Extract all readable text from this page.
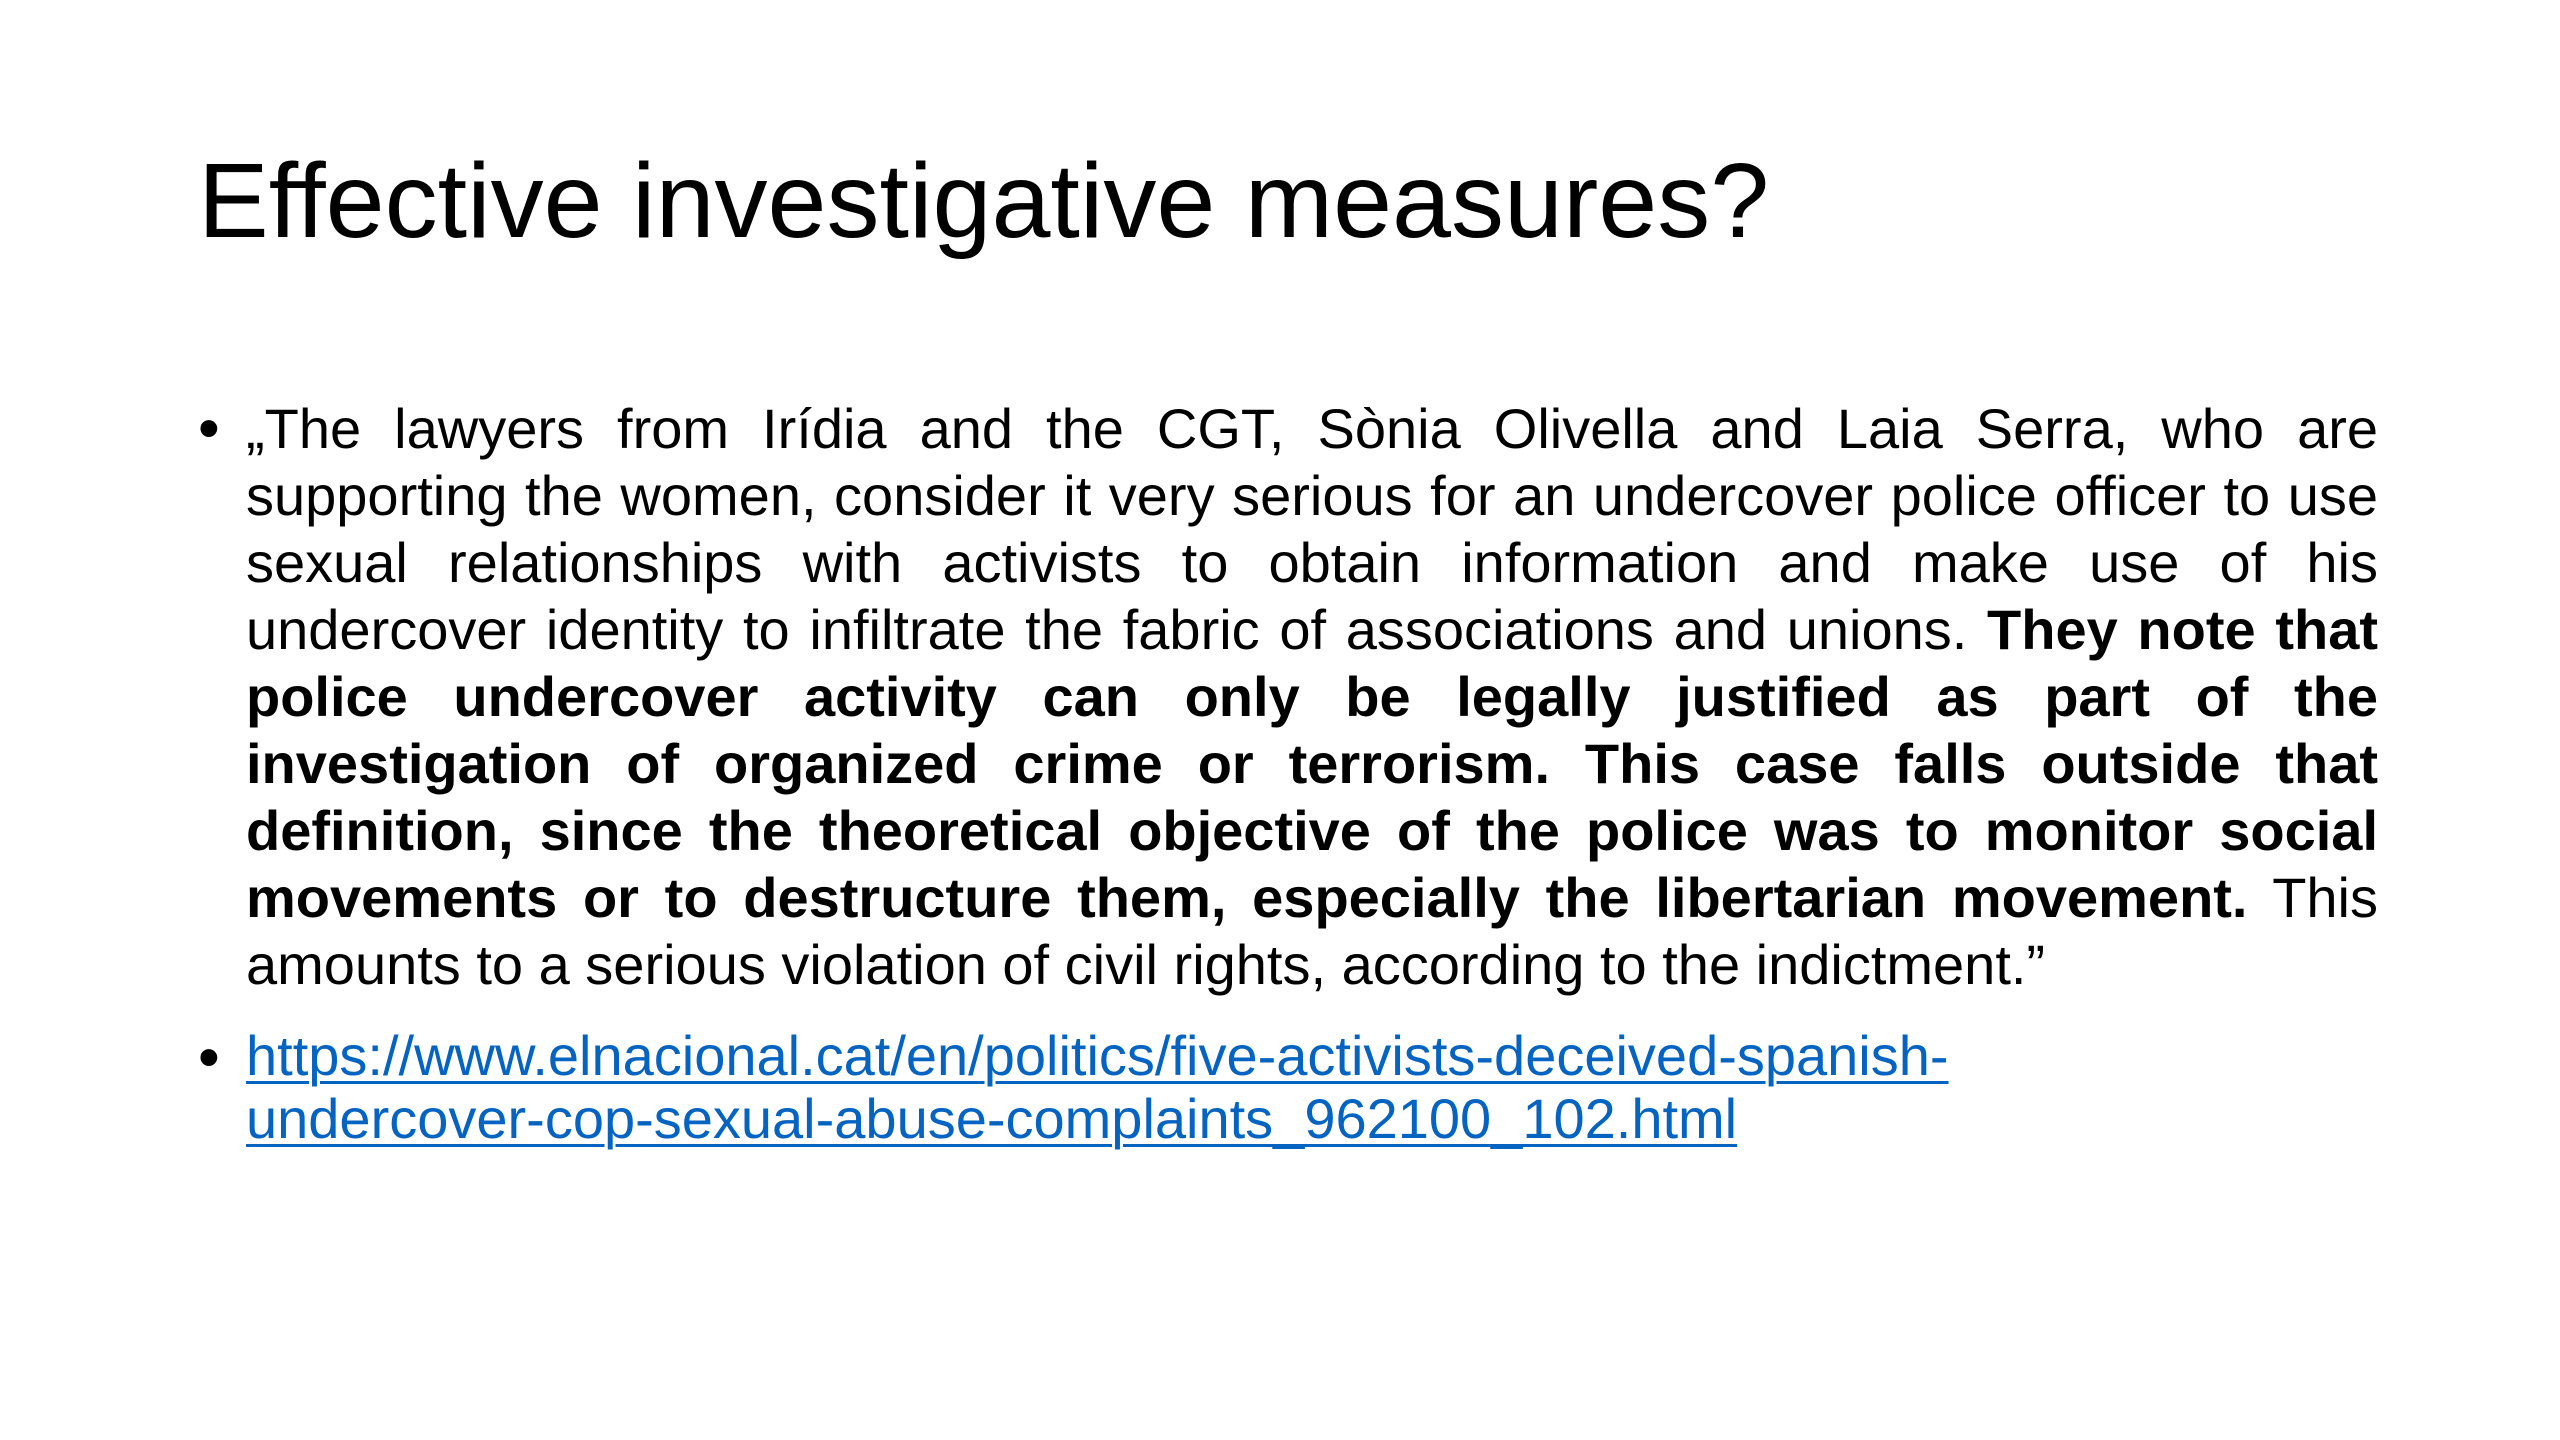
Effective investigative measures?
• „The lawyers from Irídia and the CGT, Sònia Olivella and Laia Serra, who are supporting the women, consider it very serious for an undercover police officer to use sexual relationships with activists to obtain information and make use of his undercover identity to infiltrate the fabric of associations and unions. They note that police undercover activity can only be legally justified as part of the investigation of organized crime or terrorism. This case falls outside that definition, since the theoretical objective of the police was to monitor social movements or to destructure them, especially the libertarian movement. This amounts to a serious violation of civil rights, according to the indictment.”

• https://www.elnacional.cat/en/politics/five-activists-deceived-spanish-
undercover-cop-sexual-abuse-complaints_962100_102.html
